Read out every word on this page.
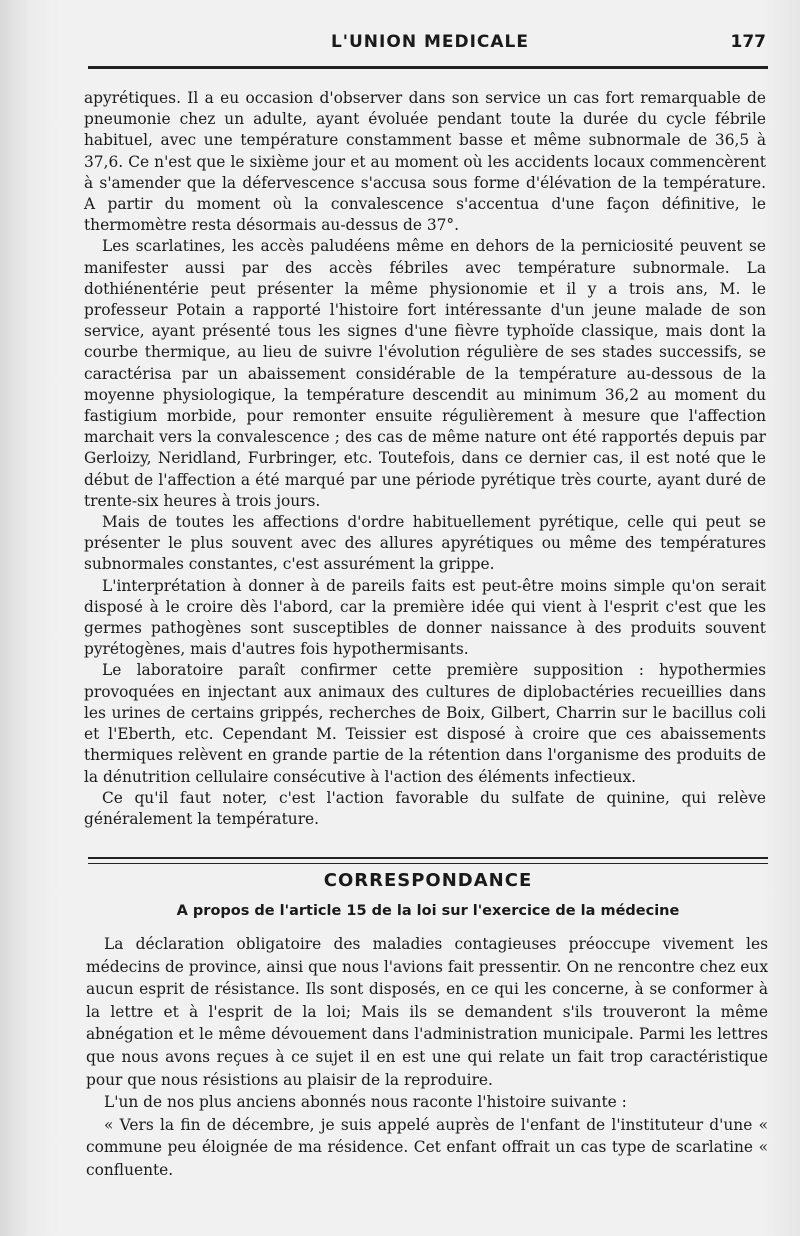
L'UNION MEDICALE	177

apyrétiques. Il a eu occasion d'observer dans son service un cas fort remarquable de pneumonie chez un adulte, ayant évoluée pendant toute la durée du cycle fébrile habituel, avec une température constamment basse et même subnormale de 36,5 à 37,6. Ce n'est que le sixième jour et au moment où les accidents locaux commencèrent à s'amender que la défervescence s'accusa sous forme d'élévation de la température. A partir du moment où la convalescence s'accentua d'une façon définitive, le thermomètre resta désormais au-dessus de 37°.

Les scarlatines, les accès paludéens même en dehors de la perniciosité peuvent se manifester aussi par des accès fébriles avec température subnormale. La dothiénentérie peut présenter la même physionomie et il y a trois ans, M. le professeur Potain a rapporté l'histoire fort intéressante d'un jeune malade de son service, ayant présenté tous les signes d'une fièvre typhoïde classique, mais dont la courbe thermique, au lieu de suivre l'évolution régulière de ses stades successifs, se caractérisa par un abaissement considérable de la température au-dessous de la moyenne physiologique, la température descendit au minimum 36,2 au moment du fastigium morbide, pour remonter ensuite régulièrement à mesure que l'affection marchait vers la convalescence ; des cas de même nature ont été rapportés depuis par Gerloizy, Neridland, Furbringer, etc. Toutefois, dans ce dernier cas, il est noté que le début de l'affection a été marqué par une période pyrétique très courte, ayant duré de trente-six heures à trois jours.

Mais de toutes les affections d'ordre habituellement pyrétique, celle qui peut se présenter le plus souvent avec des allures apyrétiques ou même des températures subnormales constantes, c'est assurément la grippe.

L'interprétation à donner à de pareils faits est peut-être moins simple qu'on serait disposé à le croire dès l'abord, car la première idée qui vient à l'esprit c'est que les germes pathogènes sont susceptibles de donner naissance à des produits souvent pyrétogènes, mais d'autres fois hypothermisants.

Le laboratoire paraît confirmer cette première supposition : hypothermies provoquées en injectant aux animaux des cultures de diplobactéries recueillies dans les urines de certains grippés, recherches de Boix, Gilbert, Charrin sur le bacillus coli et l'Eberth, etc. Cependant M. Teissier est disposé à croire que ces abaissements thermiques relèvent en grande partie de la rétention dans l'organisme des produits de la dénutrition cellulaire consécutive à l'action des éléments infectieux.

Ce qu'il faut noter, c'est l'action favorable du sulfate de quinine, qui relève généralement la température.

CORRESPONDANCE
A propos de l'article 15 de la loi sur l'exercice de la médecine

La déclaration obligatoire des maladies contagieuses préoccupe vivement les médecins de province, ainsi que nous l'avions fait pressentir. On ne rencontre chez eux aucun esprit de résistance. Ils sont disposés, en ce qui les concerne, à se conformer à la lettre et à l'esprit de la loi; Mais ils se demandent s'ils trouveront la même abnégation et le même dévouement dans l'administration municipale. Parmi les lettres que nous avons reçues à ce sujet il en est une qui relate un fait trop caractéristique pour que nous résistions au plaisir de la reproduire.

L'un de nos plus anciens abonnés nous raconte l'histoire suivante :

« Vers la fin de décembre, je suis appelé auprès de l'enfant de l'instituteur d'une « commune peu éloignée de ma résidence. Cet enfant offrait un cas type de scarlatine « confluente.
